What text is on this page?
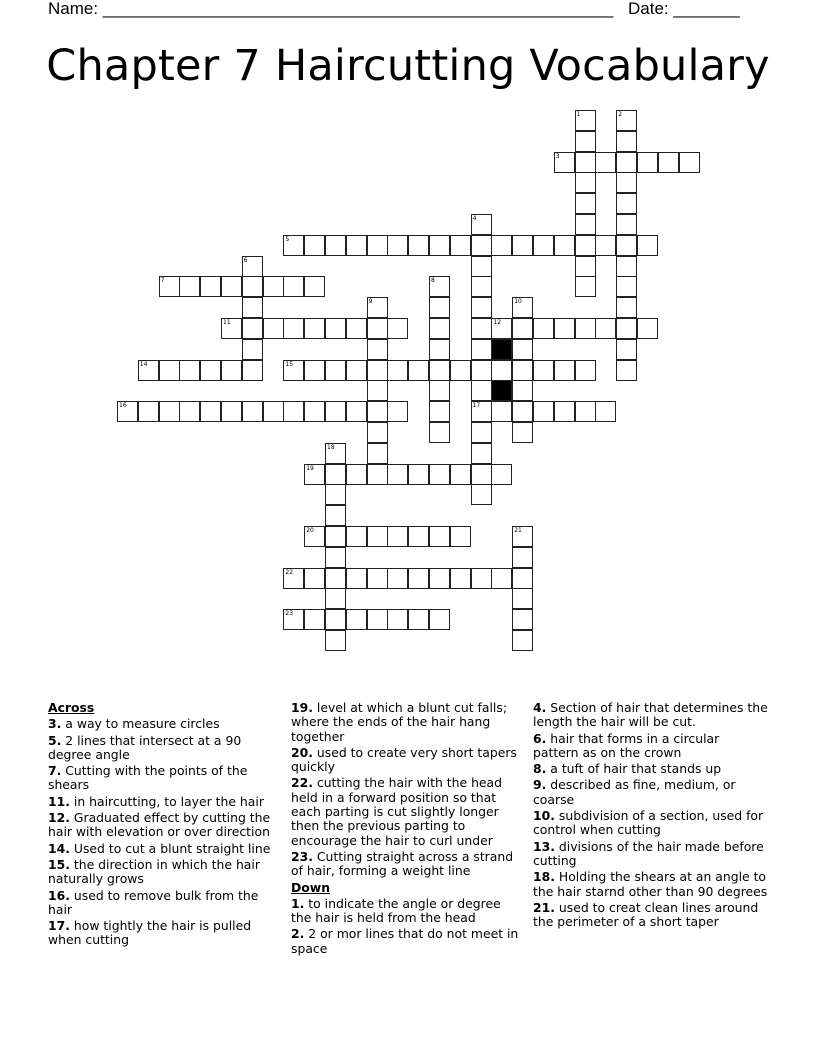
Name: ______________________________________________________ Date: _______
Chapter 7 Haircutting Vocabulary
1	2
3
4
17
5
6
7	8
9	10
11	12
14	15
16
18
19
20	21
22
23
Across
3. a way to measure circles
5. 2 lines that intersect at a 90 degree angle
7. Cutting with the points of the shears
11. in haircutting, to layer the hair
12. Graduated effect by cutting the hair with elevation or over direction
14. Used to cut a blunt straight line
15. the direction in which the hair naturally grows
16. used to remove bulk from the hair
17. how tightly the hair is pulled when cutting
19. level at which a blunt cut falls; where the ends of the hair hang together
20. used to create very short tapers quickly
22. cutting the hair with the head held in a forward position so that each parting is cut slightly longer then the previous parting to encourage the hair to curl under
23. Cutting straight across a strand of hair, forming a weight line
Down
1. to indicate the angle or degree the hair is held from the head
2. 2 or mor lines that do not meet in space
4. Section of hair that determines the length the hair will be cut.
6. hair that forms in a circular pattern as on the crown
8. a tuft of hair that stands up
9. described as fine, medium, or coarse
10. subdivision of a section, used for control when cutting
13. divisions of the hair made before cutting
18. Holding the shears at an angle to the hair starnd other than 90 degrees
21. used to creat clean lines around the perimeter of a short taper
